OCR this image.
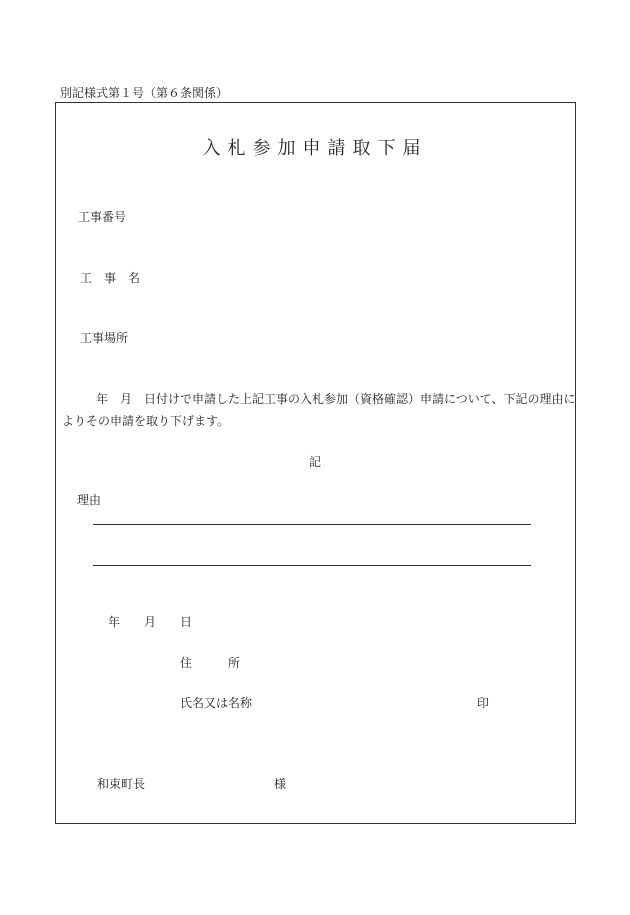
別記様式第１号（第６条関係）
入札参加申請取下届
工事番号
工　事　名
工事場所
年　月　日付けで申請した上記工事の入札参加（資格確認）申請について、下記の理由によりその申請を取り下げます。
記
理由
年 月 日
住　　　所
氏名又は名称	印
和束町長	様
